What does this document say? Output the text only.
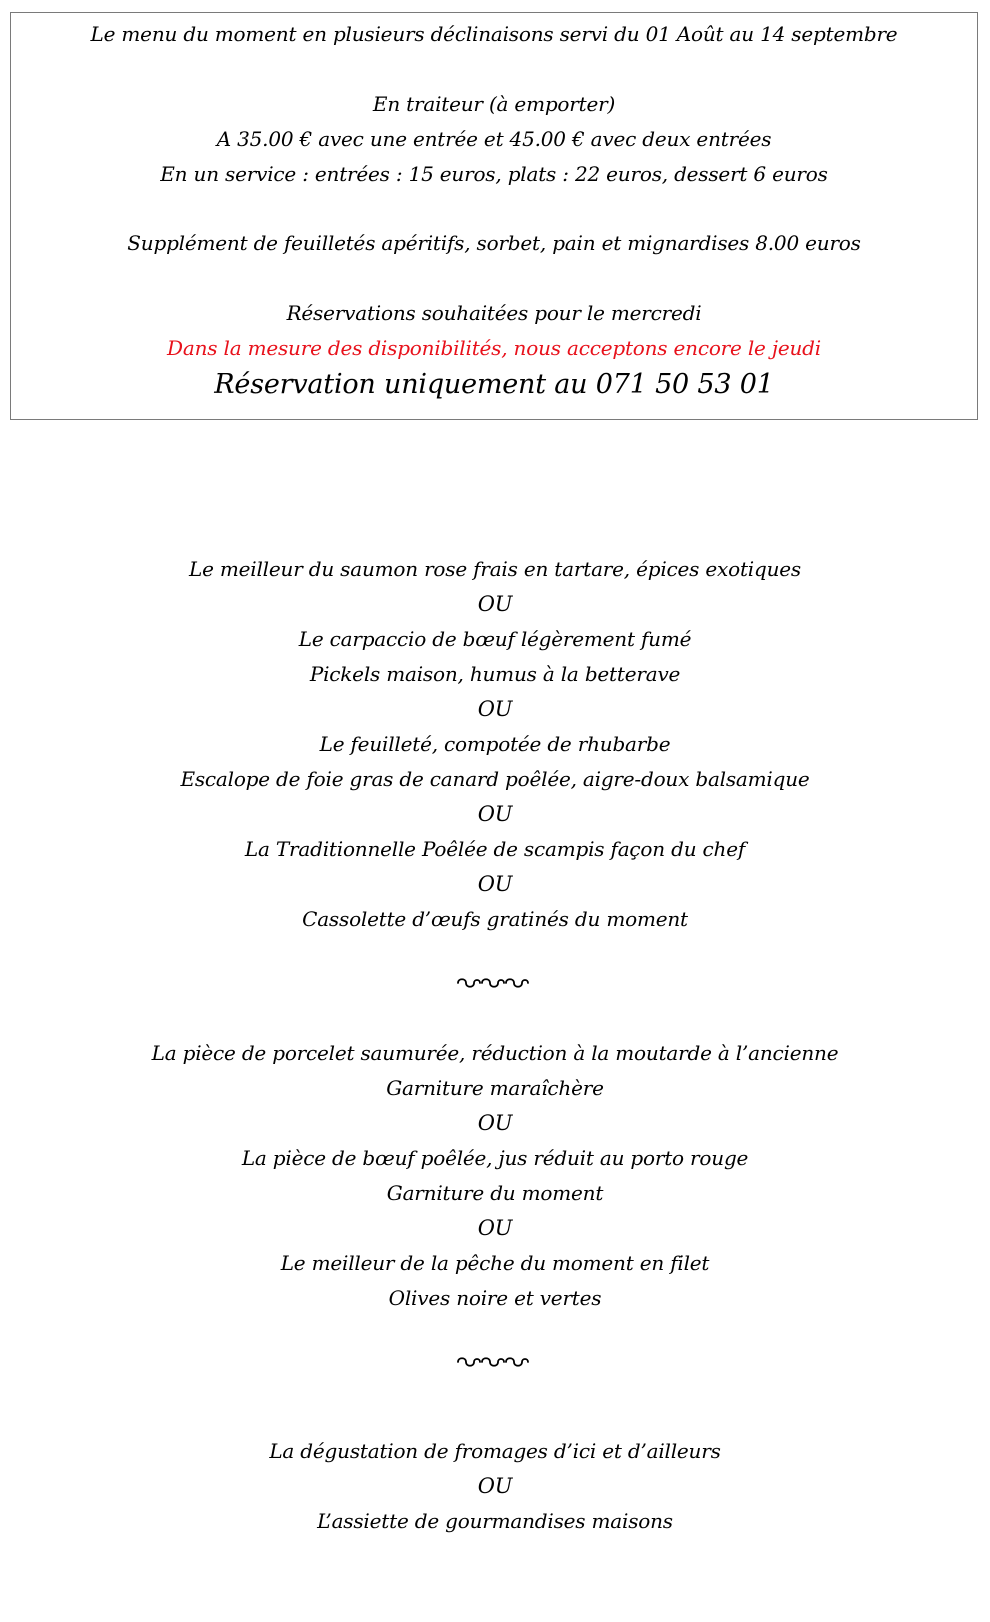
Le menu du moment en plusieurs déclinaisons servi du 01 Août au 14 septembre
En traiteur (à emporter)
A 35.00 € avec une entrée et 45.00 € avec deux entrées
En un service : entrées : 15 euros, plats : 22 euros, dessert 6 euros
Supplément de feuilletés apéritifs, sorbet, pain et mignardises 8.00 euros
Réservations souhaitées pour le mercredi
Dans la mesure des disponibilités, nous acceptons encore le jeudi
Réservation uniquement au 071 50 53 01
Le meilleur du saumon rose frais en tartare, épices exotiques
OU
Le carpaccio de bœuf légèrement fumé
Pickels maison, humus à la betterave
OU
Le feuilleté, compotée de rhubarbe
Escalope de foie gras de canard poêlée, aigre-doux balsamique
OU
La Traditionnelle Poêlée de scampis façon du chef
OU
Cassolette d’œufs gratinés du moment
La pièce de porcelet saumurée, réduction à la moutarde à l’ancienne
Garniture maraîchère
OU
La pièce de bœuf poêlée, jus réduit au porto rouge
Garniture du moment
OU
Le meilleur de la pêche du moment en filet
Olives noire et vertes
La dégustation de fromages d’ici et d’ailleurs
OU
L’assiette de gourmandises maisons
